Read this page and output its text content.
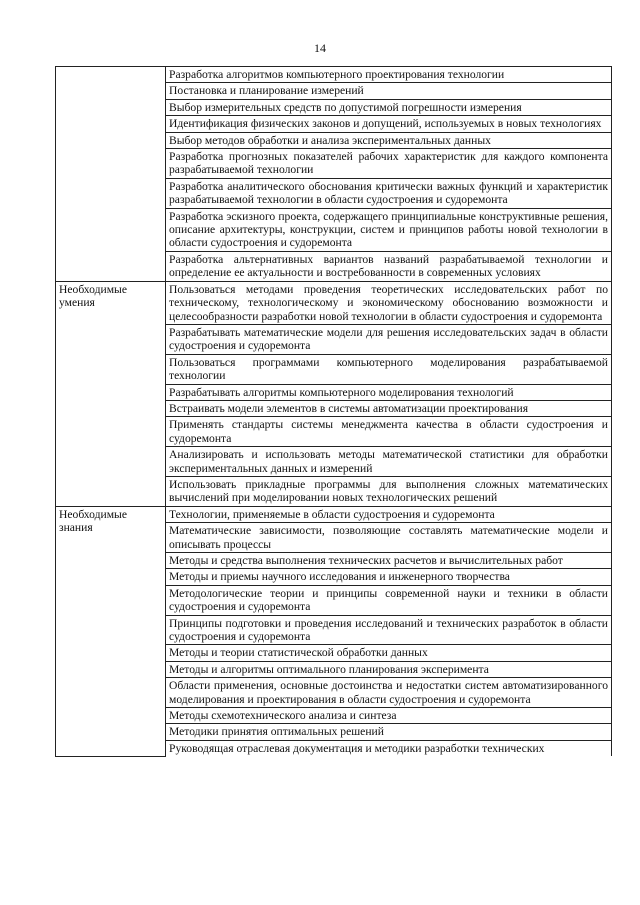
14
	Разработка алгоритмов компьютерного проектирования технологии
	Постановка и планирование измерений
	Выбор измерительных средств по допустимой погрешности измерения
	Идентификация физических законов и допущений, используемых в новых технологиях
	Выбор методов обработки и анализа экспериментальных данных
	Разработка прогнозных показателей рабочих характеристик для каждого компонента разрабатываемой технологии
	Разработка аналитического обоснования критически важных функций и характеристик разрабатываемой технологии в области судостроения и судоремонта
	Разработка эскизного проекта, содержащего принципиальные конструктивные решения, описание архитектуры, конструкции, систем и принципов работы новой технологии в области судостроения и судоремонта
	Разработка альтернативных вариантов названий разрабатываемой технологии и определение ее актуальности и востребованности в современных условиях
Необходимые умения	Пользоваться методами проведения теоретических исследовательских работ по техническому, технологическому и экономическому обоснованию возможности и целесообразности разработки новой технологии в области судостроения и судоремонта
	Разрабатывать математические модели для решения исследовательских задач в области судостроения и судоремонта
	Пользоваться программами компьютерного моделирования разрабатываемой технологии
	Разрабатывать алгоритмы компьютерного моделирования технологий
	Встраивать модели элементов в системы автоматизации проектирования
	Применять стандарты системы менеджмента качества в области судостроения и судоремонта
	Анализировать и использовать методы математической статистики для обработки экспериментальных данных и измерений
	Использовать прикладные программы для выполнения сложных математических вычислений при моделировании новых технологических решений
Необходимые знания	Технологии, применяемые в области судостроения и судоремонта
	Математические зависимости, позволяющие составлять математические модели и описывать процессы
	Методы и средства выполнения технических расчетов и вычислительных работ
	Методы и приемы научного исследования и инженерного творчества
	Методологические теории и принципы современной науки и техники в области судостроения и судоремонта
	Принципы подготовки и проведения исследований и технических разработок в области судостроения и судоремонта
	Методы и теории статистической обработки данных
	Методы и алгоритмы оптимального планирования эксперимента
	Области применения, основные достоинства и недостатки систем автоматизированного моделирования и проектирования в области судостроения и судоремонта
	Методы схемотехнического анализа и синтеза
	Методики принятия оптимальных решений
	Руководящая отраслевая документация и методики разработки технических
